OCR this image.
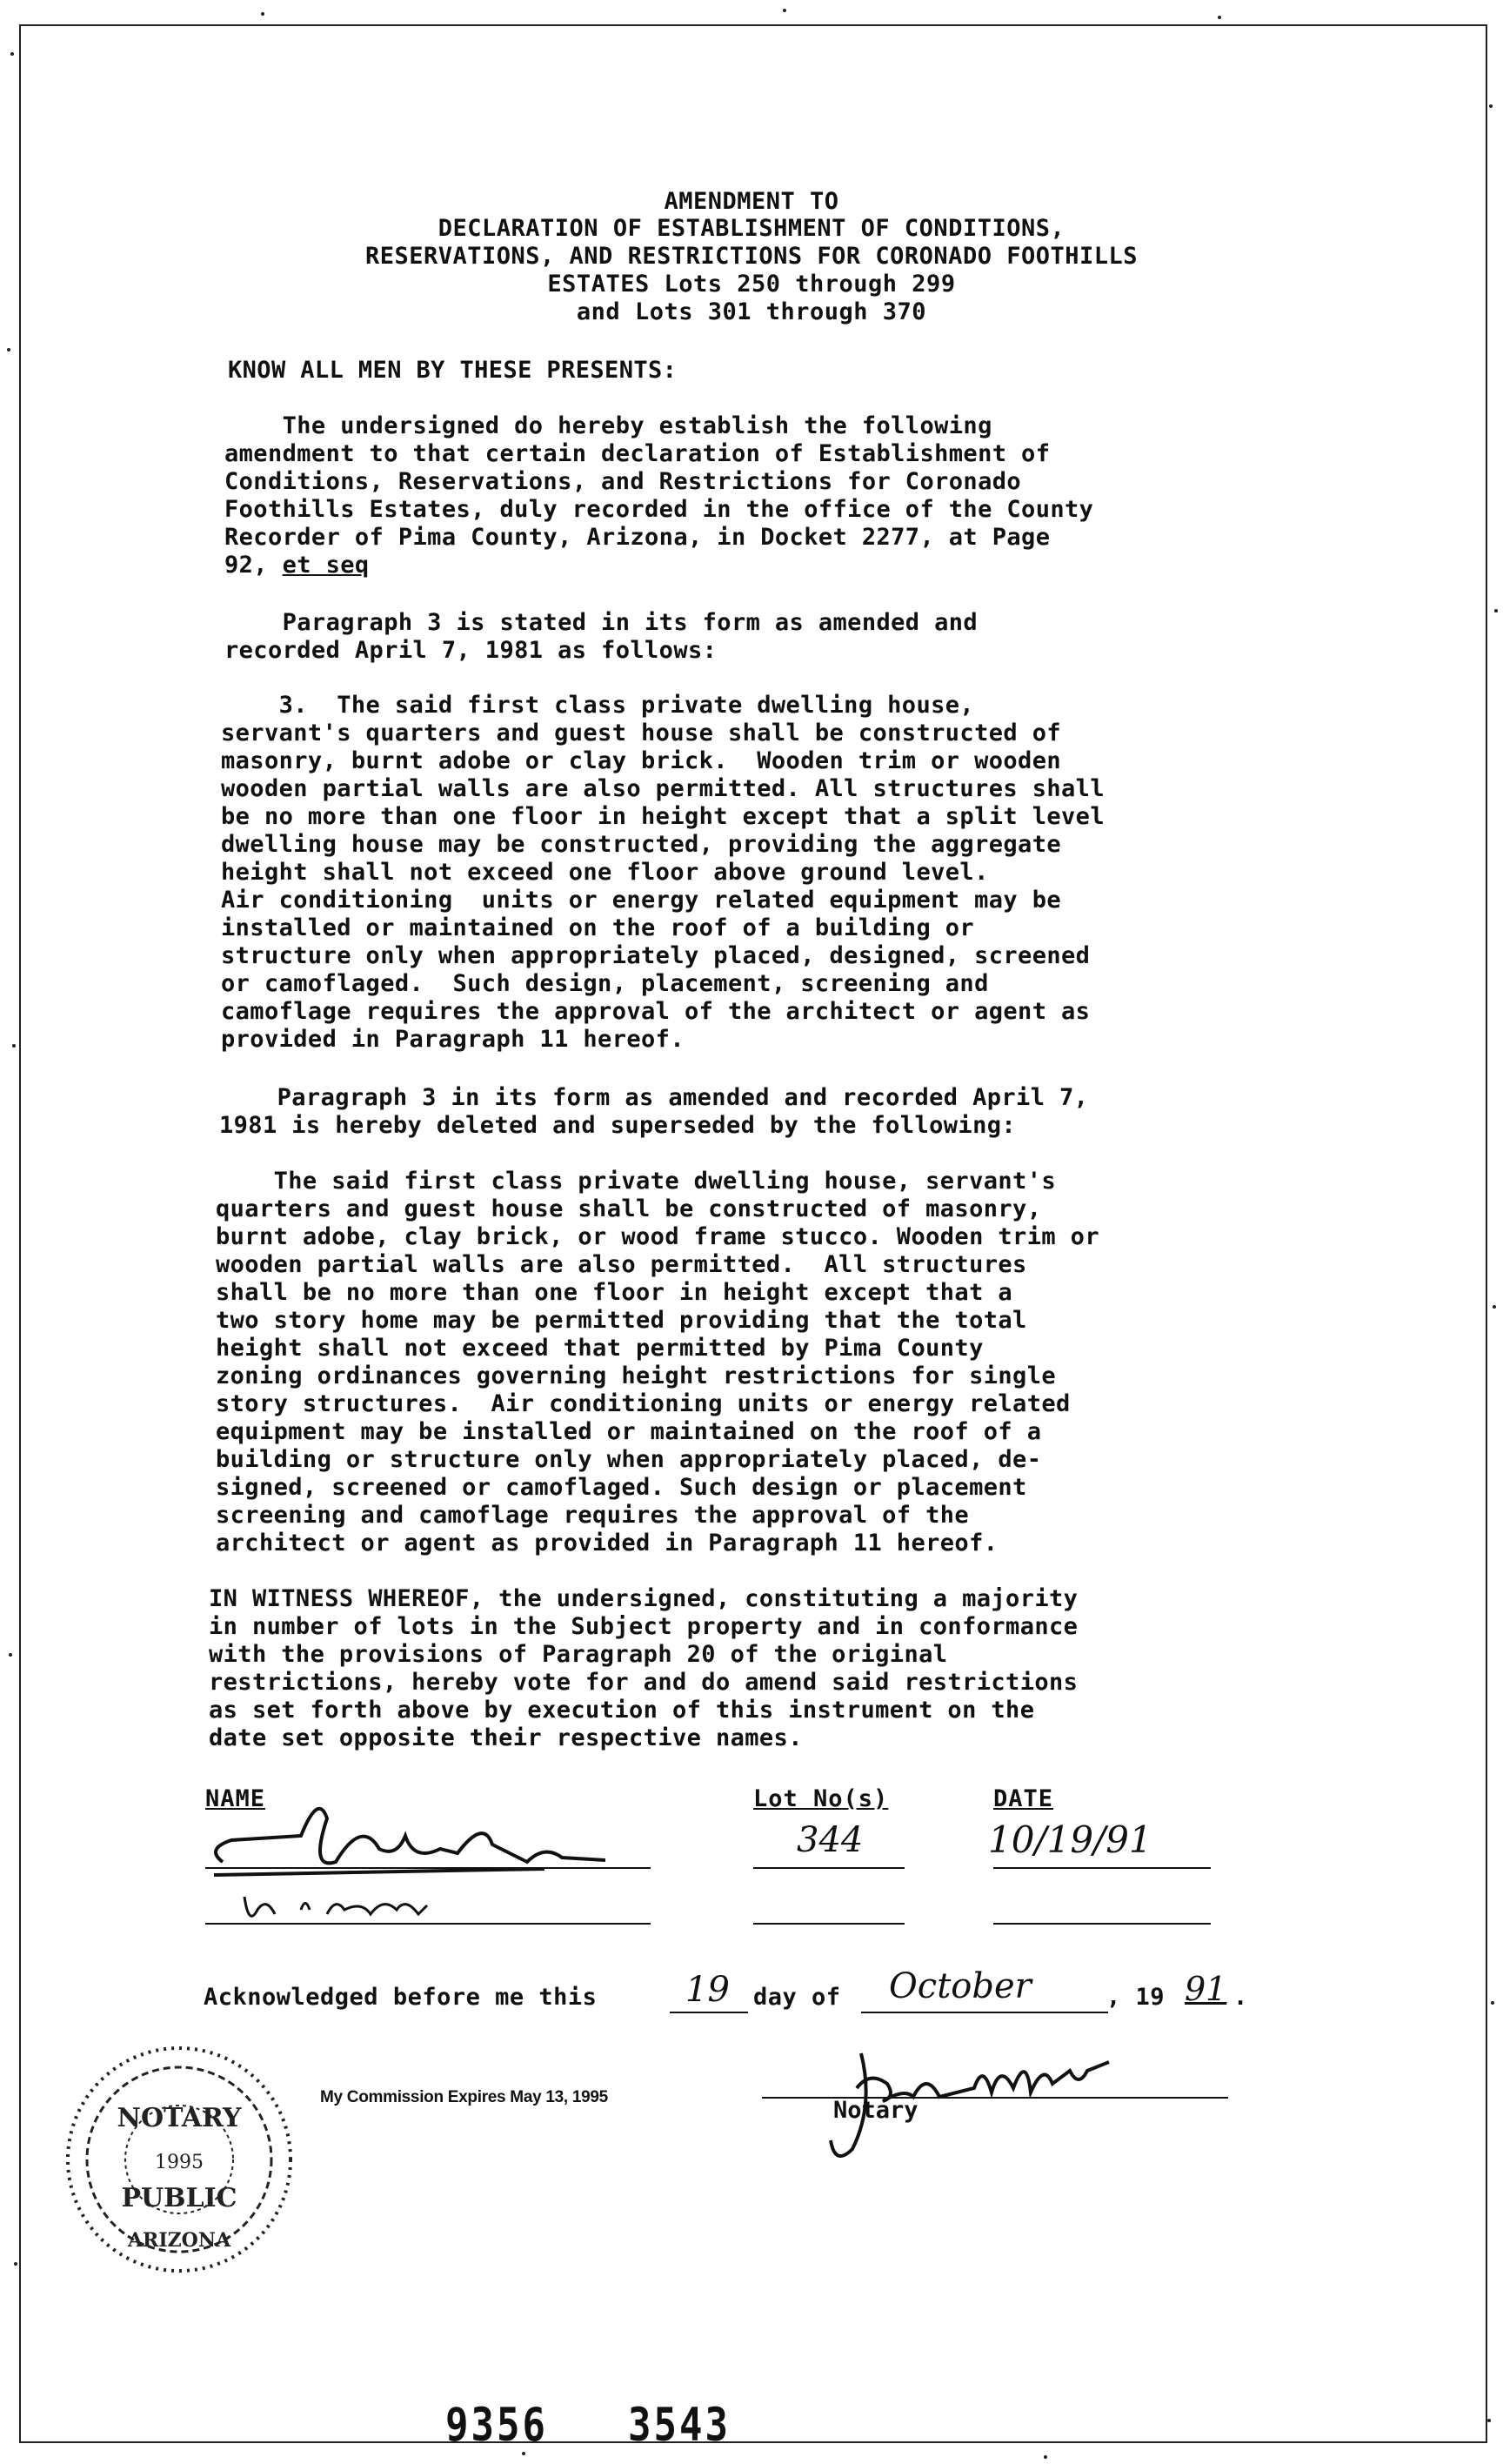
AMENDMENT TO
DECLARATION OF ESTABLISHMENT OF CONDITIONS,
RESERVATIONS, AND RESTRICTIONS FOR CORONADO FOOTHILLS
ESTATES Lots 250 through 299
and Lots 301 through 370
KNOW ALL MEN BY THESE PRESENTS:
The undersigned do hereby establish the following
amendment to that certain declaration of Establishment of
Conditions, Reservations, and Restrictions for Coronado
Foothills Estates, duly recorded in the office of the County
Recorder of Pima County, Arizona, in Docket 2277, at Page
92, et seq
Paragraph 3 is stated in its form as amended and
recorded April 7, 1981 as follows:
3.  The said first class private dwelling house,
servant's quarters and guest house shall be constructed of
masonry, burnt adobe or clay brick.  Wooden trim or wooden
wooden partial walls are also permitted. All structures shall
be no more than one floor in height except that a split level
dwelling house may be constructed, providing the aggregate
height shall not exceed one floor above ground level.
Air conditioning  units or energy related equipment may be
installed or maintained on the roof of a building or
structure only when appropriately placed, designed, screened
or camoflaged.  Such design, placement, screening and
camoflage requires the approval of the architect or agent as
provided in Paragraph 11 hereof.
Paragraph 3 in its form as amended and recorded April 7,
1981 is hereby deleted and superseded by the following:
The said first class private dwelling house, servant's
quarters and guest house shall be constructed of masonry,
burnt adobe, clay brick, or wood frame stucco. Wooden trim or
wooden partial walls are also permitted.  All structures
shall be no more than one floor in height except that a
two story home may be permitted providing that the total
height shall not exceed that permitted by Pima County
zoning ordinances governing height restrictions for single
story structures.  Air conditioning units or energy related
equipment may be installed or maintained on the roof of a
building or structure only when appropriately placed, de-
signed, screened or camoflaged. Such design or placement
screening and camoflage requires the approval of the
architect or agent as provided in Paragraph 11 hereof.
IN WITNESS WHEREOF, the undersigned, constituting a majority
in number of lots in the Subject property and in conformance
with the provisions of Paragraph 20 of the original
restrictions, hereby vote for and do amend said restrictions
as set forth above by execution of this instrument on the
date set opposite their respective names.
NAME	Lot No(s)	DATE
344	10/19/91
Acknowledged before me this	19 day of October	, 19 91 .
NOTARY
1995
PUBLIC
ARIZONA
My Commission Expires May 13, 1995	Notary
9356 3543
